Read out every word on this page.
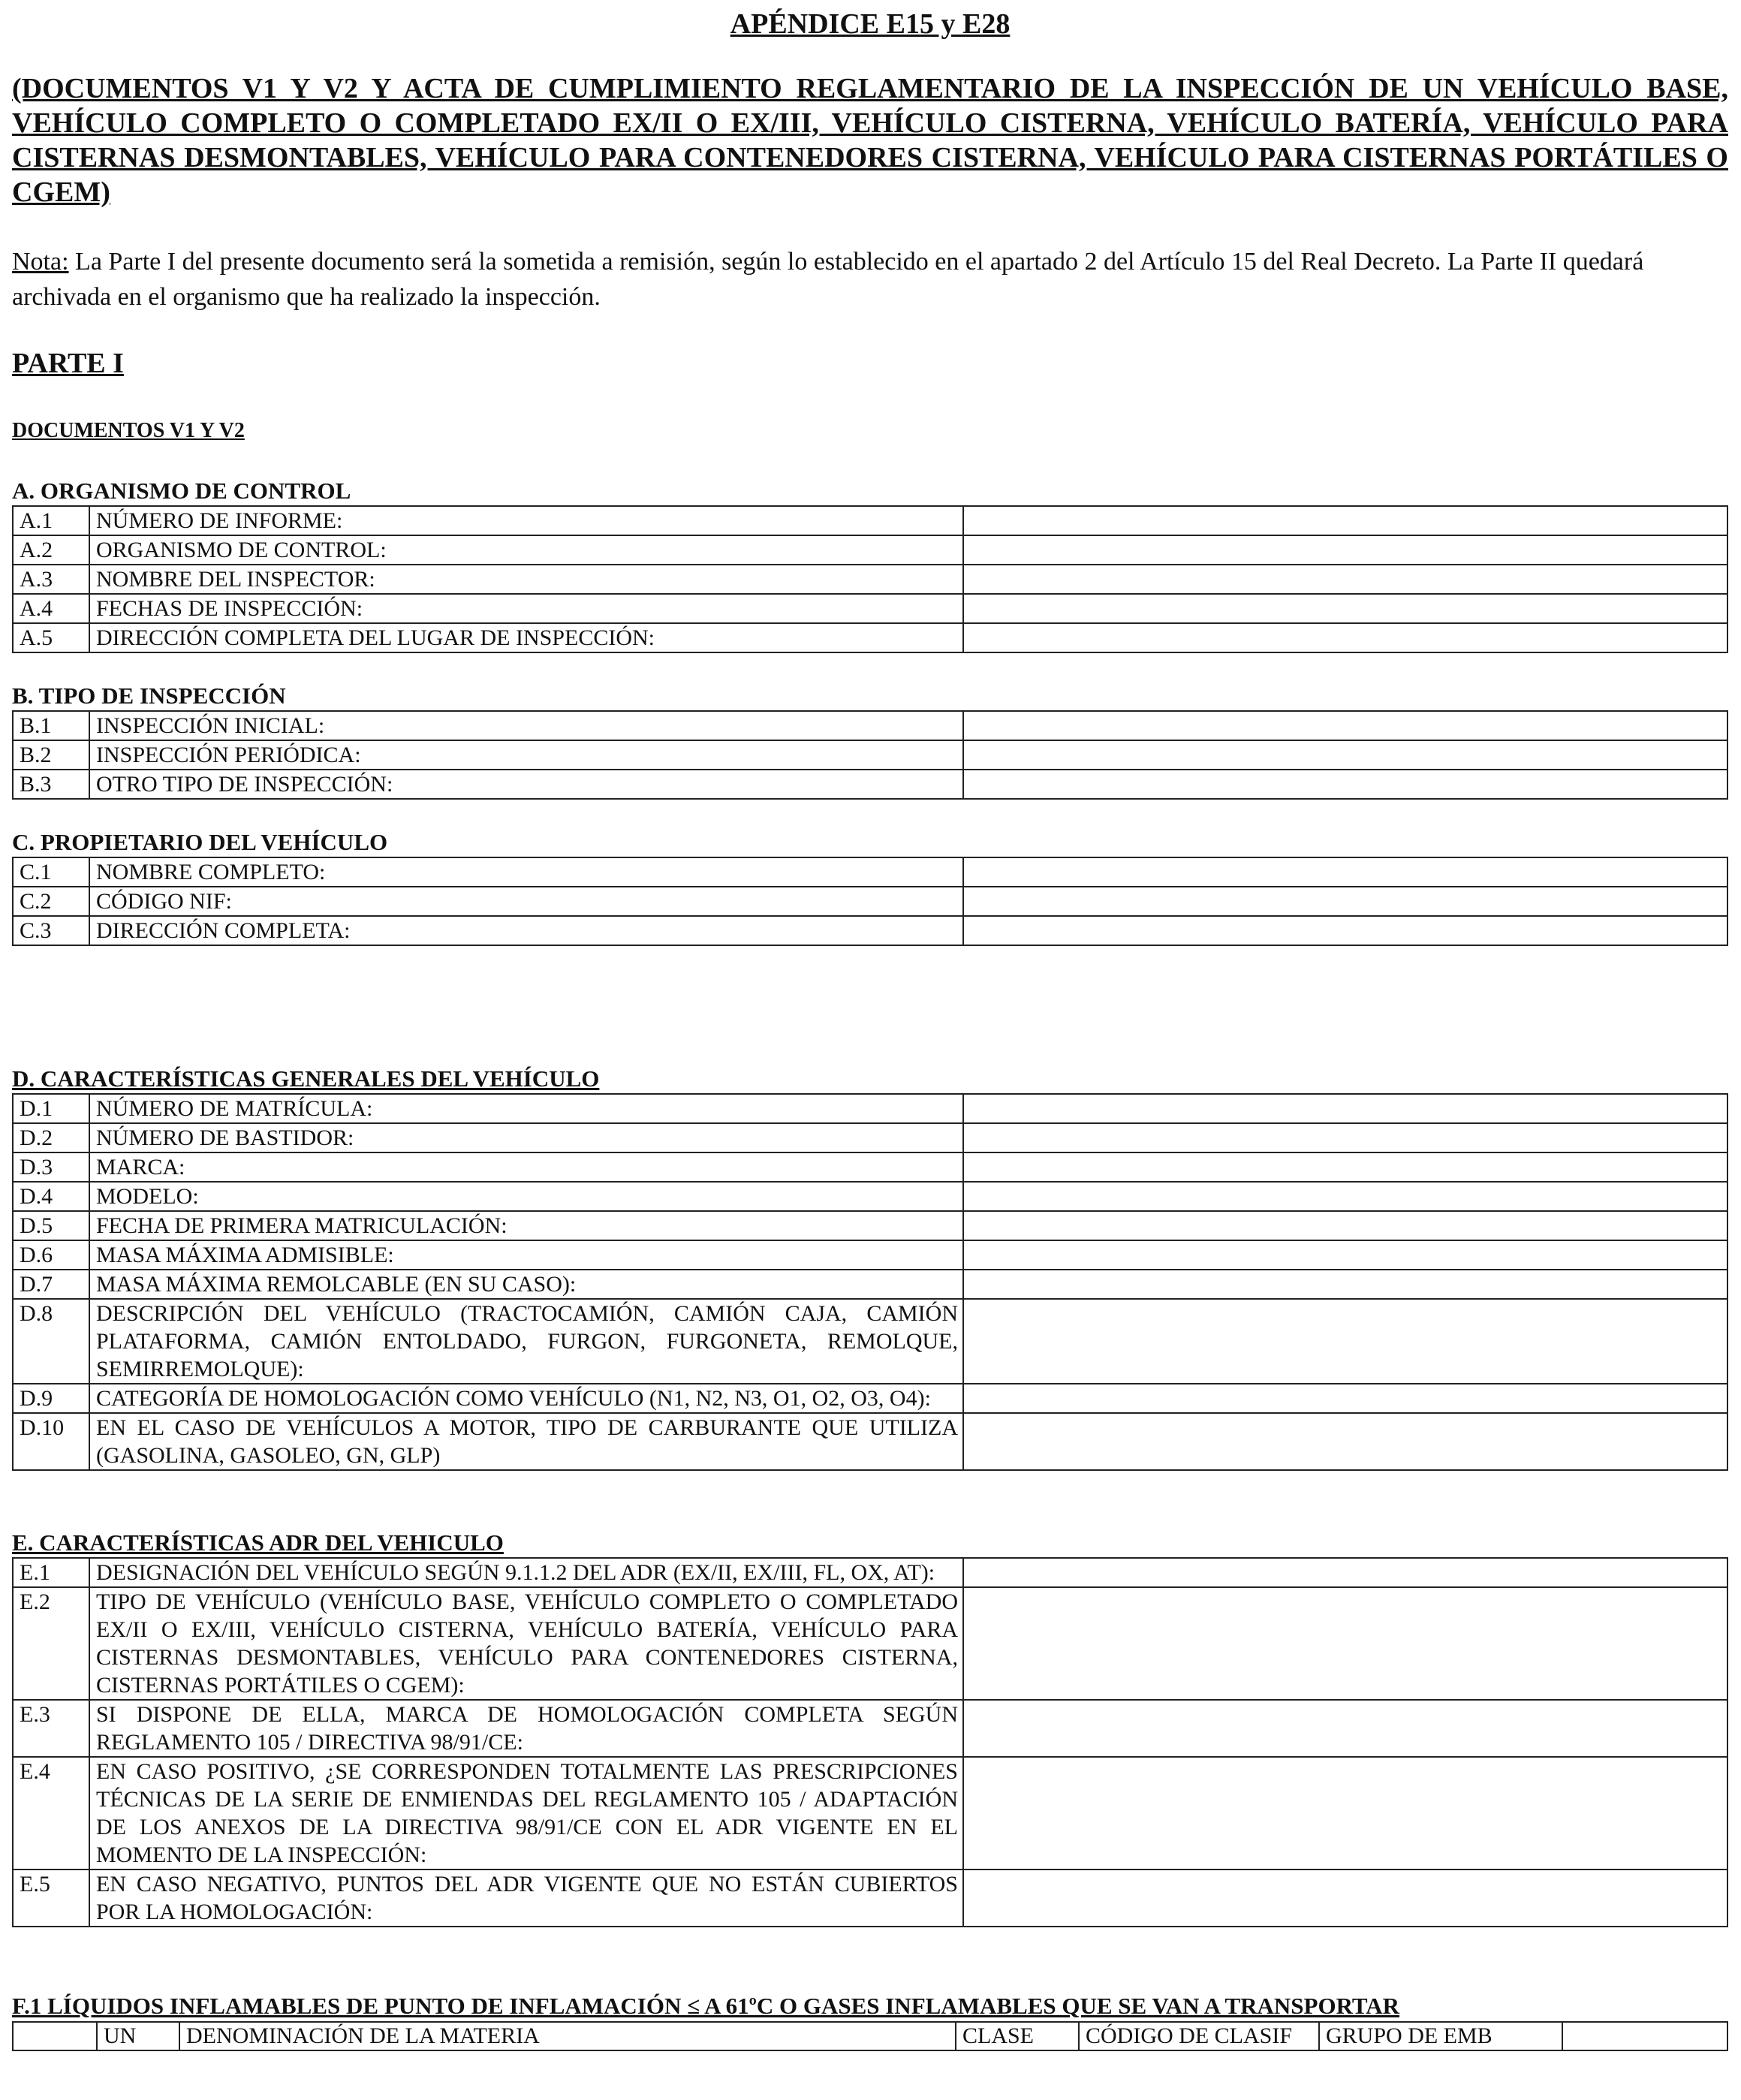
APÉNDICE E15 y E28
(DOCUMENTOS V1 Y V2 Y ACTA DE CUMPLIMIENTO REGLAMENTARIO DE LA INSPECCIÓN DE UN VEHÍCULO BASE, VEHÍCULO COMPLETO O COMPLETADO EX/II O EX/III, VEHÍCULO CISTERNA, VEHÍCULO BATERÍA, VEHÍCULO PARA CISTERNAS DESMONTABLES, VEHÍCULO PARA CONTENEDORES CISTERNA, VEHÍCULO PARA CISTERNAS PORTÁTILES O CGEM)
Nota: La Parte I del presente documento será la sometida a remisión, según lo establecido en el apartado 2 del Artículo 15 del Real Decreto. La Parte II quedará archivada en el organismo que ha realizado la inspección.
PARTE I
DOCUMENTOS V1 Y V2
A. ORGANISMO DE CONTROL
A.1	NÚMERO DE INFORME:	
A.2	ORGANISMO DE CONTROL:	
A.3	NOMBRE DEL INSPECTOR:	
A.4	FECHAS DE INSPECCIÓN:	
A.5	DIRECCIÓN COMPLETA DEL LUGAR DE INSPECCIÓN:	
B. TIPO DE INSPECCIÓN
B.1	INSPECCIÓN INICIAL:	
B.2	INSPECCIÓN PERIÓDICA:	
B.3	OTRO TIPO DE INSPECCIÓN:	
C. PROPIETARIO DEL VEHÍCULO
C.1	NOMBRE COMPLETO:	
C.2	CÓDIGO NIF:	
C.3	DIRECCIÓN COMPLETA:	
D. CARACTERÍSTICAS GENERALES DEL VEHÍCULO
D.1	NÚMERO DE MATRÍCULA:	
D.2	NÚMERO DE BASTIDOR:	
D.3	MARCA:	
D.4	MODELO:	
D.5	FECHA DE PRIMERA MATRICULACIÓN:	
D.6	MASA MÁXIMA ADMISIBLE:	
D.7	MASA MÁXIMA REMOLCABLE (EN SU CASO):	
D.8	DESCRIPCIÓN DEL VEHÍCULO (TRACTOCAMIÓN, CAMIÓN CAJA, CAMIÓN PLATAFORMA, CAMIÓN ENTOLDADO, FURGON, FURGONETA, REMOLQUE, SEMIRREMOLQUE):	
D.9	CATEGORÍA DE HOMOLOGACIÓN COMO VEHÍCULO (N1, N2, N3, O1, O2, O3, O4):	
D.10	EN EL CASO DE VEHÍCULOS A MOTOR, TIPO DE CARBURANTE QUE UTILIZA (GASOLINA, GASOLEO, GN, GLP)	
E. CARACTERÍSTICAS ADR DEL VEHICULO
E.1	DESIGNACIÓN DEL VEHÍCULO SEGÚN 9.1.1.2 DEL ADR (EX/II, EX/III, FL, OX, AT):	
E.2	TIPO DE VEHÍCULO (VEHÍCULO BASE, VEHÍCULO COMPLETO O COMPLETADO EX/II O EX/III, VEHÍCULO CISTERNA, VEHÍCULO BATERÍA, VEHÍCULO PARA CISTERNAS DESMONTABLES, VEHÍCULO PARA CONTENEDORES CISTERNA, CISTERNAS PORTÁTILES O CGEM):	
E.3	SI DISPONE DE ELLA, MARCA DE HOMOLOGACIÓN COMPLETA SEGÚN REGLAMENTO 105 / DIRECTIVA 98/91/CE:	
E.4	EN CASO POSITIVO, ¿SE CORRESPONDEN TOTALMENTE LAS PRESCRIPCIONES TÉCNICAS DE LA SERIE DE ENMIENDAS DEL REGLAMENTO 105 / ADAPTACIÓN DE LOS ANEXOS DE LA DIRECTIVA 98/91/CE CON EL ADR VIGENTE EN EL MOMENTO DE LA INSPECCIÓN:	
E.5	EN CASO NEGATIVO, PUNTOS DEL ADR VIGENTE QUE NO ESTÁN CUBIERTOS POR LA HOMOLOGACIÓN:	
F.1 LÍQUIDOS INFLAMABLES DE PUNTO DE INFLAMACIÓN ≤ A 61ºC O GASES INFLAMABLES QUE SE VAN A TRANSPORTAR
	UN	DENOMINACIÓN DE LA MATERIA	CLASE	CÓDIGO DE CLASIF	GRUPO DE EMB	
